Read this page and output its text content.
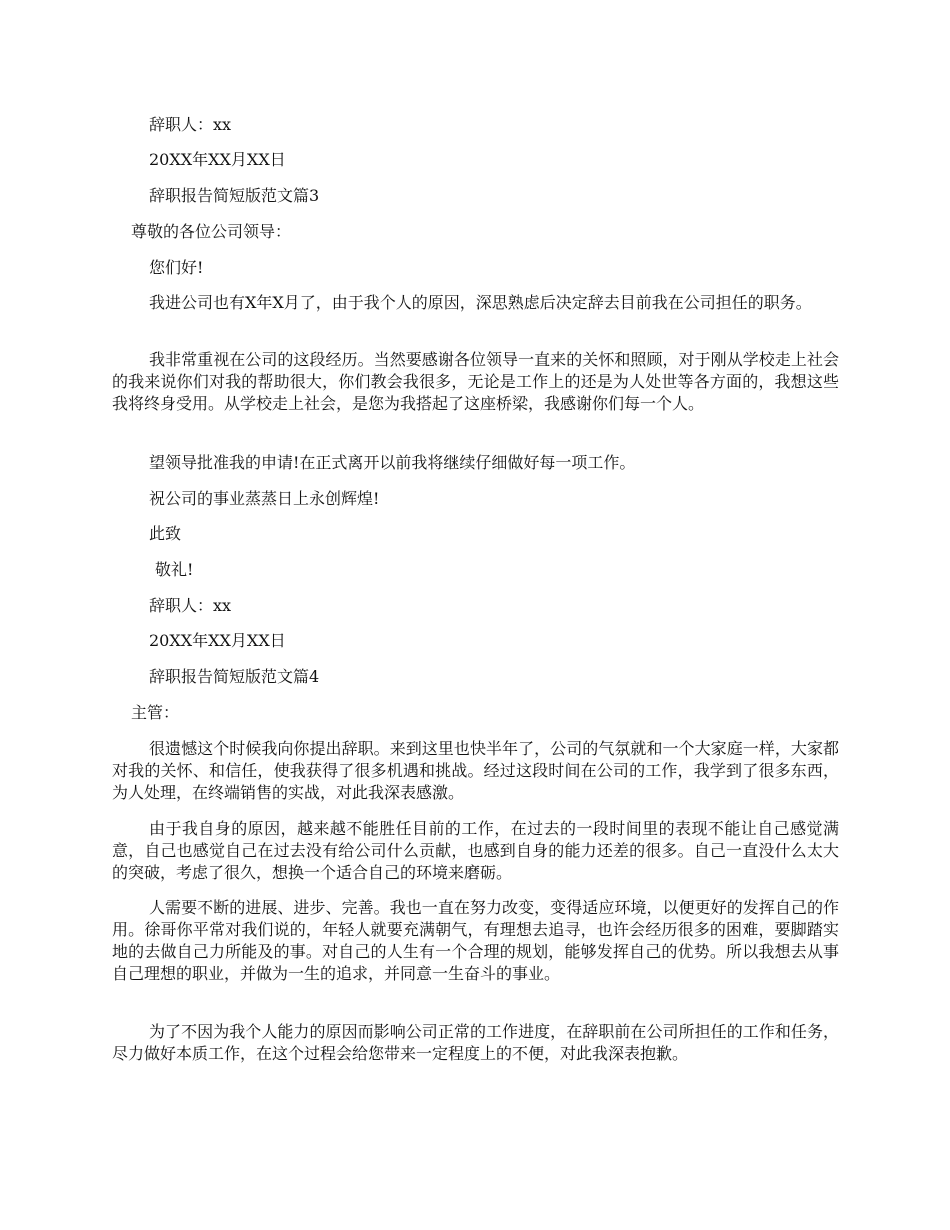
辞职人：xx
20XX年XX月XX日
辞职报告简短版范文篇3
尊敬的各位公司领导：
您们好!
我进公司也有X年X月了，由于我个人的原因，深思熟虑后决定辞去目前我在公司担任的职务。
我非常重视在公司的这段经历。当然要感谢各位领导一直来的关怀和照顾，对于刚从学校走上社会的我来说你们对我的帮助很大，你们教会我很多，无论是工作上的还是为人处世等各方面的，我想这些我将终身受用。从学校走上社会，是您为我搭起了这座桥梁，我感谢你们每一个人。
望领导批准我的申请!在正式离开以前我将继续仔细做好每一项工作。
祝公司的事业蒸蒸日上永创辉煌!
此致
敬礼!
辞职人：xx
20XX年XX月XX日
辞职报告简短版范文篇4
主管：
很遗憾这个时候我向你提出辞职。来到这里也快半年了，公司的气氛就和一个大家庭一样，大家都对我的关怀、和信任，使我获得了很多机遇和挑战。经过这段时间在公司的工作，我学到了很多东西，为人处理，在终端销售的实战，对此我深表感激。
由于我自身的原因，越来越不能胜任目前的工作，在过去的一段时间里的表现不能让自己感觉满意，自己也感觉自己在过去没有给公司什么贡献，也感到自身的能力还差的很多。自己一直没什么太大的突破，考虑了很久，想换一个适合自己的环境来磨砺。
人需要不断的进展、进步、完善。我也一直在努力改变，变得适应环境，以便更好的发挥自己的作用。徐哥你平常对我们说的，年轻人就要充满朝气，有理想去追寻，也许会经历很多的困难，要脚踏实地的去做自己力所能及的事。对自己的人生有一个合理的规划，能够发挥自己的优势。所以我想去从事自己理想的职业，并做为一生的追求，并同意一生奋斗的事业。
为了不因为我个人能力的原因而影响公司正常的工作进度，在辞职前在公司所担任的工作和任务，尽力做好本质工作，在这个过程会给您带来一定程度上的不便，对此我深表抱歉。
